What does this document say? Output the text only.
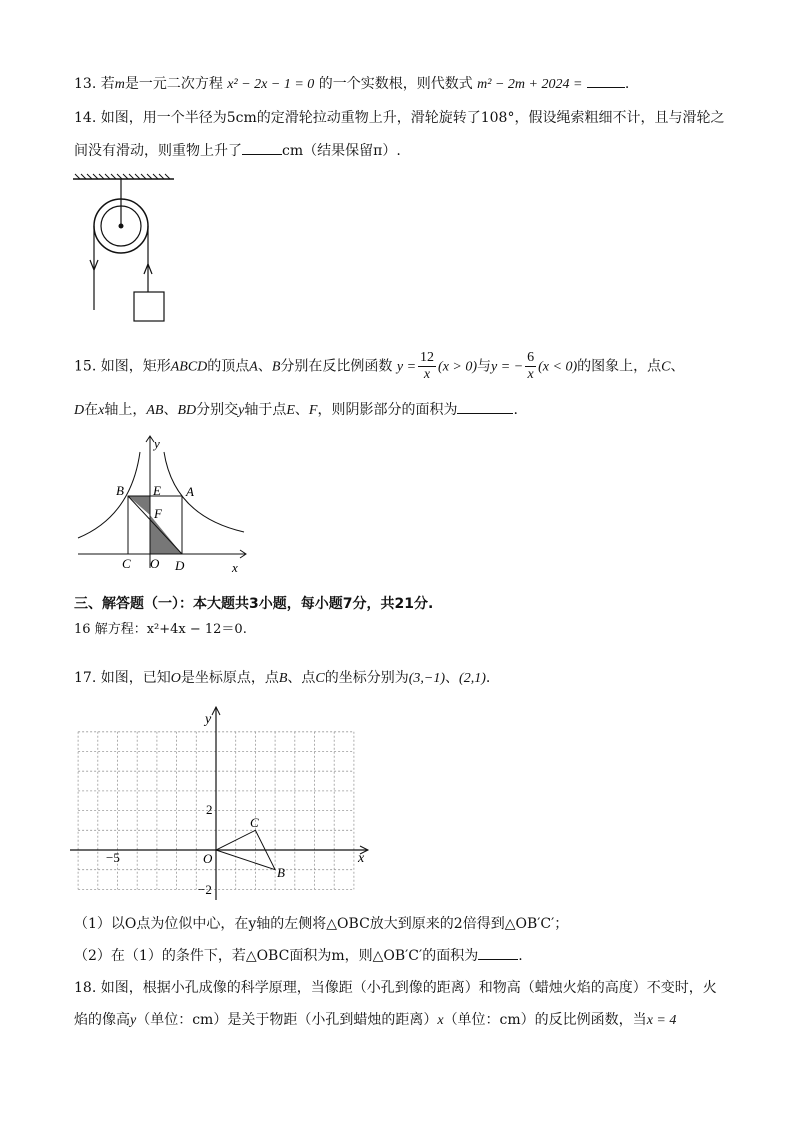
13. 若m是一元二次方程 x² − 2x − 1 = 0 的一个实数根，则代数式 m² − 2m + 2024 =	.
14. 如图，用一个半径为5cm的定滑轮拉动重物上升，滑轮旋转了108°，假设绳索粗细不计，且与滑轮之
间没有滑动，则重物上升了	cm（结果保留π）.
15. 如图，矩形ABCD的顶点A、B分别在反比例函数 $y = \frac{12}{x} (x > 0)$与y = − $\frac{6}{x} (x < 0)$的图象上，点C、
D在x轴上，AB、BD分别交y轴于点E、F，则阴影部分的面积为	.
y
x
B E A
F
C O D
三、解答题（一）：本大题共3小题，每小题7分，共21分.
16 解方程：x²+4x − 12＝0.
17. 如图，已知O是坐标原点，点B、点C的坐标分别为(3,−1)、(2,1).
y
x
2
−2
−5	O
C
B
（1）以O点为位似中心，在y轴的左侧将△OBC放大到原来的2倍得到△OB′C′；
（2）在（1）的条件下，若△OBC面积为m，则△OB′C′的面积为	.
18. 如图，根据小孔成像的科学原理，当像距（小孔到像的距离）和物高（蜡烛火焰的高度）不变时，火
焰的像高y（单位：cm）是关于物距（小孔到蜡烛的距离）x（单位：cm）的反比例函数，当x = 4
